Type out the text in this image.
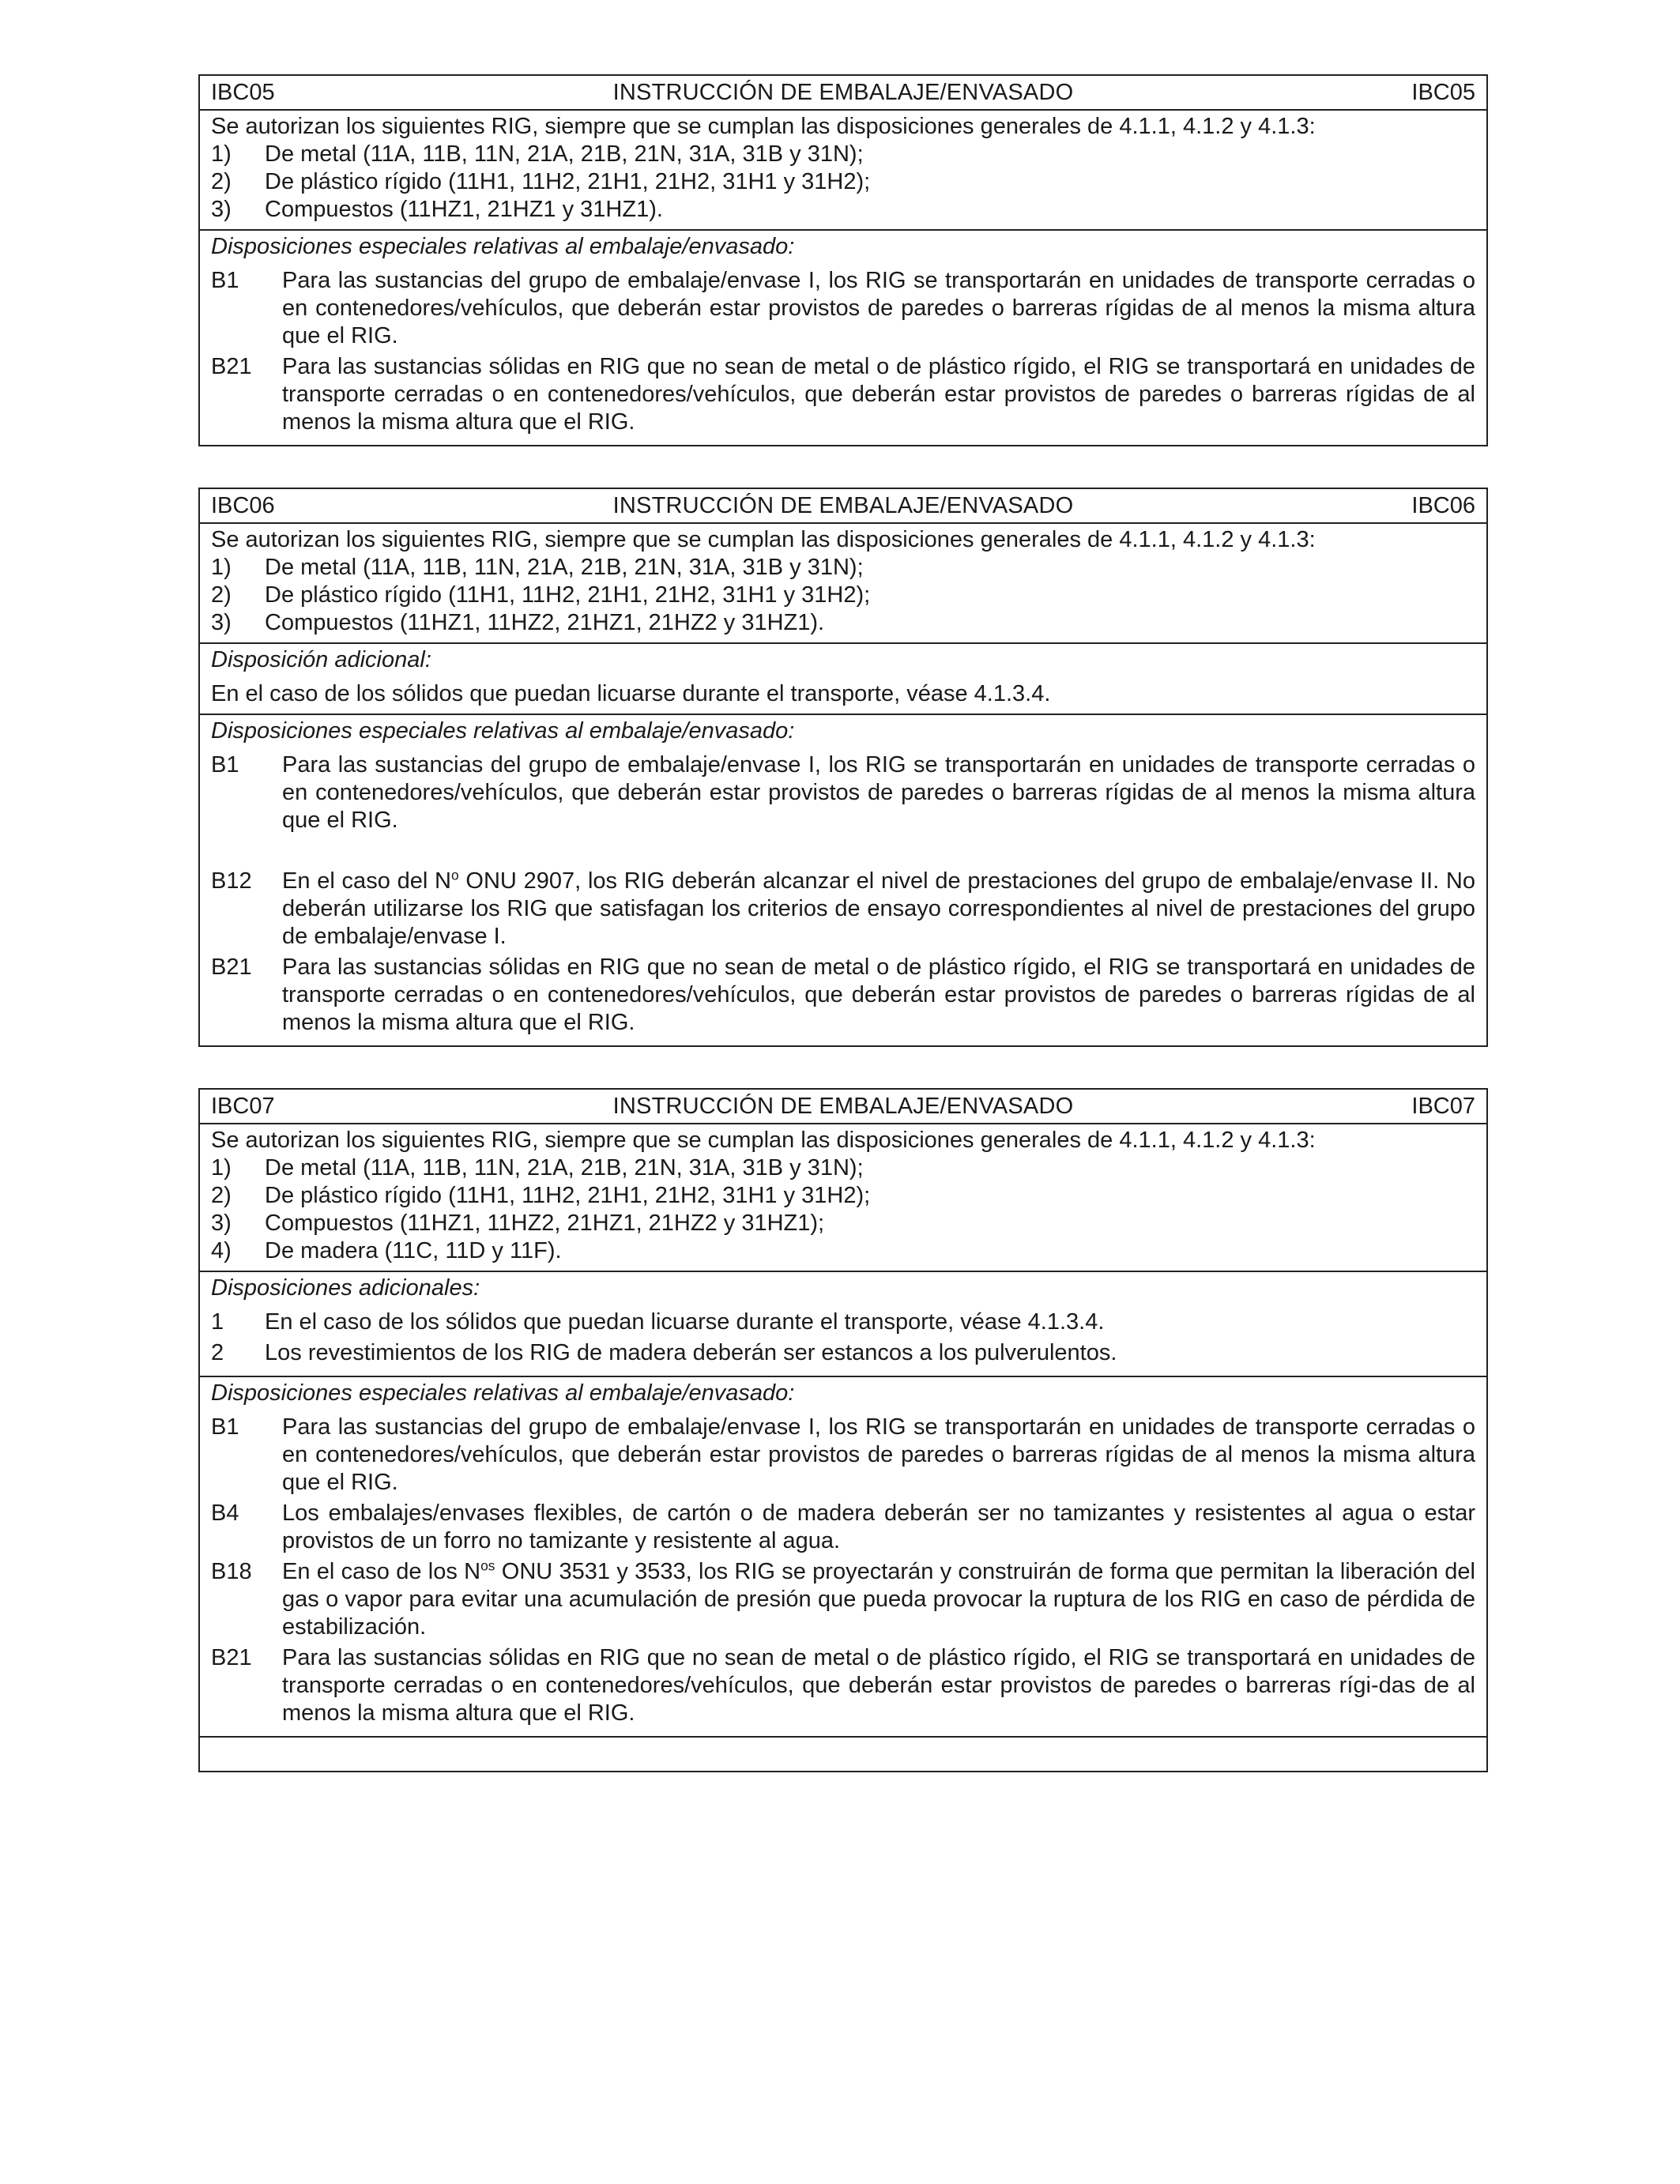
IBC05	INSTRUCCIÓN DE EMBALAJE/ENVASADO	IBC05
Se autorizan los siguientes RIG, siempre que se cumplan las disposiciones generales de 4.1.1, 4.1.2 y 4.1.3:
1)	De metal (11A, 11B, 11N, 21A, 21B, 21N, 31A, 31B y 31N);
2)	De plástico rígido (11H1, 11H2, 21H1, 21H2, 31H1 y 31H2);
3)	Compuestos (11HZ1, 21HZ1 y 31HZ1).
Disposiciones especiales relativas al embalaje/envasado:
B1	Para las sustancias del grupo de embalaje/envase I, los RIG se transportarán en unidades de transporte cerradas o en contenedores/vehículos, que deberán estar provistos de paredes o barreras rígidas de al menos la misma altura que el RIG.
B21	Para las sustancias sólidas en RIG que no sean de metal o de plástico rígido, el RIG se transportará en unidades de transporte cerradas o en contenedores/vehículos, que deberán estar provistos de paredes o barreras rígidas de al menos la misma altura que el RIG.
IBC06	INSTRUCCIÓN DE EMBALAJE/ENVASADO	IBC06
Se autorizan los siguientes RIG, siempre que se cumplan las disposiciones generales de 4.1.1, 4.1.2 y 4.1.3:
1)	De metal (11A, 11B, 11N, 21A, 21B, 21N, 31A, 31B y 31N);
2)	De plástico rígido (11H1, 11H2, 21H1, 21H2, 31H1 y 31H2);
3)	Compuestos (11HZ1, 11HZ2, 21HZ1, 21HZ2 y 31HZ1).
Disposición adicional:
En el caso de los sólidos que puedan licuarse durante el transporte, véase 4.1.3.4.
Disposiciones especiales relativas al embalaje/envasado:
B1	Para las sustancias del grupo de embalaje/envase I, los RIG se transportarán en unidades de transporte cerradas o en contenedores/vehículos, que deberán estar provistos de paredes o barreras rígidas de al menos la misma altura que el RIG.
B12	En el caso del $N^o$ ONU 2907, los RIG deberán alcanzar el nivel de prestaciones del grupo de embalaje/envase II. No deberán utilizarse los RIG que satisfagan los criterios de ensayo correspondientes al nivel de prestaciones del grupo de embalaje/envase I.
B21	Para las sustancias sólidas en RIG que no sean de metal o de plástico rígido, el RIG se transportará en unidades de transporte cerradas o en contenedores/vehículos, que deberán estar provistos de paredes o barreras rígidas de al menos la misma altura que el RIG.
IBC07	INSTRUCCIÓN DE EMBALAJE/ENVASADO	IBC07
Se autorizan los siguientes RIG, siempre que se cumplan las disposiciones generales de 4.1.1, 4.1.2 y 4.1.3:
1)	De metal (11A, 11B, 11N, 21A, 21B, 21N, 31A, 31B y 31N);
2)	De plástico rígido (11H1, 11H2, 21H1, 21H2, 31H1 y 31H2);
3)	Compuestos (11HZ1, 11HZ2, 21HZ1, 21HZ2 y 31HZ1);
4)	De madera (11C, 11D y 11F).
Disposiciones adicionales:
1	En el caso de los sólidos que puedan licuarse durante el transporte, véase 4.1.3.4.
2	Los revestimientos de los RIG de madera deberán ser estancos a los pulverulentos.
Disposiciones especiales relativas al embalaje/envasado:
B1	Para las sustancias del grupo de embalaje/envase I, los RIG se transportarán en unidades de transporte cerradas o en contenedores/vehículos, que deberán estar provistos de paredes o barreras rígidas de al menos la misma altura que el RIG.
B4	Los embalajes/envases flexibles, de cartón o de madera deberán ser no tamizantes y resistentes al agua o estar provistos de un forro no tamizante y resistente al agua.
B18	En el caso de los $N^{os}$ ONU 3531 y 3533, los RIG se proyectarán y construirán de forma que permitan la liberación del gas o vapor para evitar una acumulación de presión que pueda provocar la ruptura de los RIG en caso de pérdida de estabilización.
B21	Para las sustancias sólidas en RIG que no sean de metal o de plástico rígido, el RIG se transportará en unidades de transporte cerradas o en contenedores/vehículos, que deberán estar provistos de paredes o barreras rígi-das de al menos la misma altura que el RIG.
